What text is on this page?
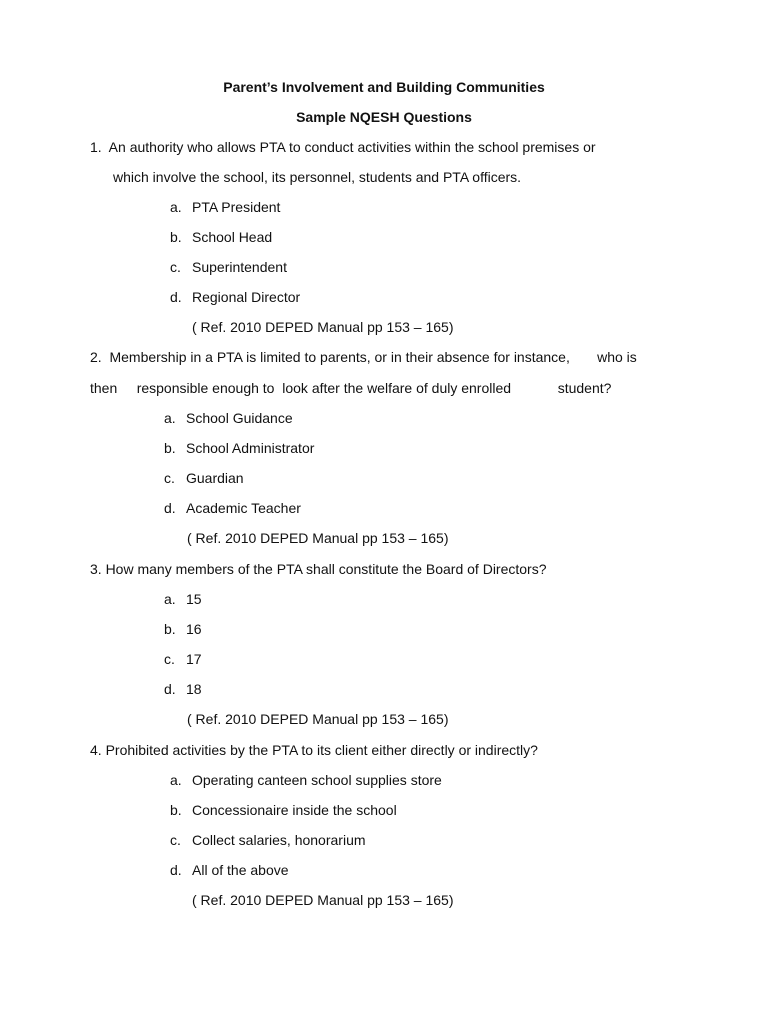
Parent’s Involvement and Building Communities
Sample NQESH Questions
1.  An authority who allows PTA to conduct activities within the school premises or
which involve the school, its personnel, students and PTA officers.
a. PTA President
b. School Head
c. Superintendent
d. Regional Director
( Ref. 2010 DEPED Manual pp 153 – 165)
2.  Membership in a PTA is limited to parents, or in their absence for instance,       who is
then     responsible enough to  look after the welfare of duly enrolled            student?
a. School Guidance
b. School Administrator
c. Guardian
d. Academic Teacher
( Ref. 2010 DEPED Manual pp 153 – 165)
3. How many members of the PTA shall constitute the Board of Directors?
a. 15
b. 16
c. 17
d. 18
( Ref. 2010 DEPED Manual pp 153 – 165)
4. Prohibited activities by the PTA to its client either directly or indirectly?
a. Operating canteen school supplies store
b. Concessionaire inside the school
c. Collect salaries, honorarium
d. All of the above
( Ref. 2010 DEPED Manual pp 153 – 165)
